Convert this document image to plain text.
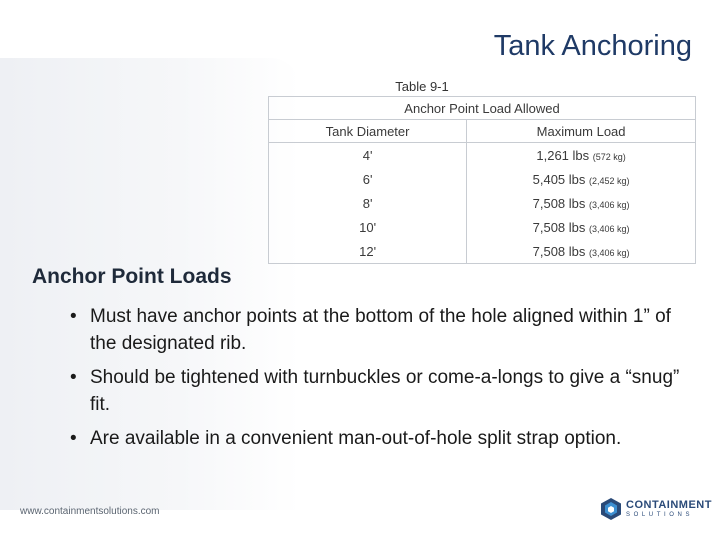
Tank Anchoring
Table 9-1
Anchor Point Load Allowed	
Tank Diameter	Maximum Load
4'	1,261 lbs (572 kg)
6'	5,405 lbs (2,452 kg)
8'	7,508 lbs (3,406 kg)
10'	7,508 lbs (3,406 kg)
12'	7,508 lbs (3,406 kg)
Anchor Point Loads
• Must have anchor points at the bottom of the hole aligned within 1” of the designated rib.
• Should be tightened with turnbuckles or come-a-longs to give a “snug” fit.
• Are available in a convenient man-out-of-hole split strap option.
www.containmentsolutions.com
CONTAINMENT
SOLUTIONS
